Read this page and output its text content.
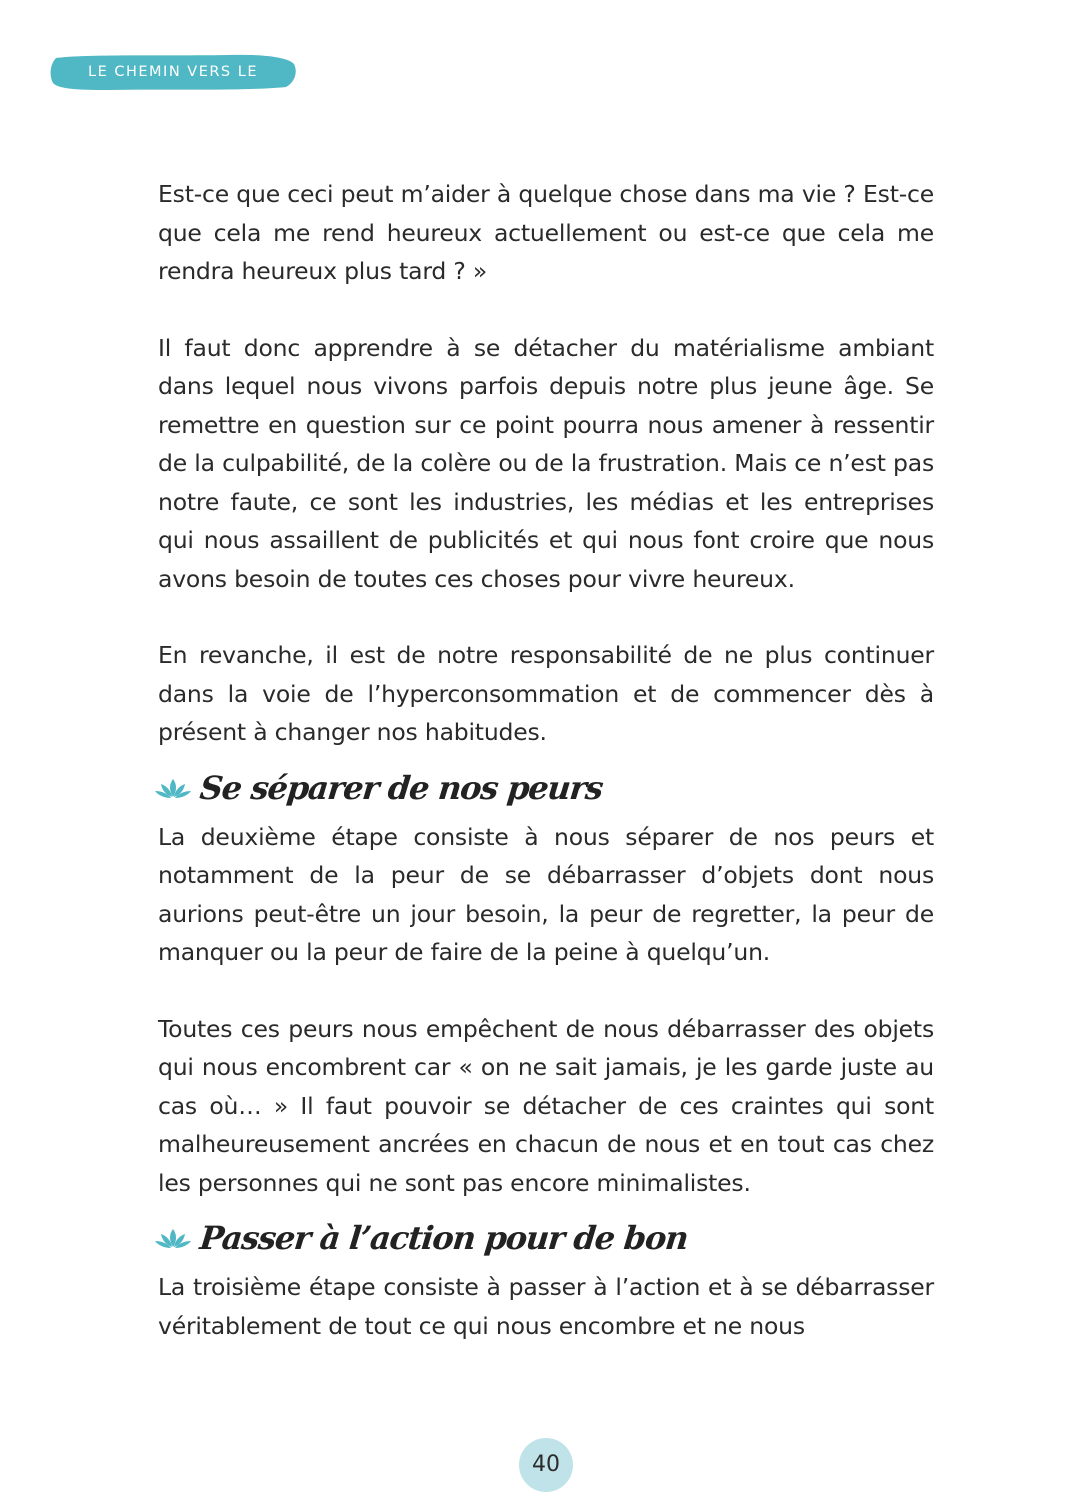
LE CHEMIN VERS LE MINIMALISME

Est-ce que ceci peut m’aider à quelque chose dans ma vie ? Est-ce que cela me rend heureux actuellement ou est-ce que cela me rendra heureux plus tard ? »

Il faut donc apprendre à se détacher du matérialisme ambiant dans lequel nous vivons parfois depuis notre plus jeune âge. Se remettre en question sur ce point pourra nous amener à ressentir de la culpabilité, de la colère ou de la frustration. Mais ce n’est pas notre faute, ce sont les industries, les médias et les entreprises qui nous assaillent de publicités et qui nous font croire que nous avons besoin de toutes ces choses pour vivre heureux.

En revanche, il est de notre responsabilité de ne plus continuer dans la voie de l’hyperconsommation et de commencer dès à présent à changer nos habitudes.

Se séparer de nos peurs

La deuxième étape consiste à nous séparer de nos peurs et notamment de la peur de se débarrasser d’objets dont nous aurions peut-être un jour besoin, la peur de regretter, la peur de manquer ou la peur de faire de la peine à quelqu’un.

Toutes ces peurs nous empêchent de nous débarrasser des objets qui nous encombrent car « on ne sait jamais, je les garde juste au cas où… » Il faut pouvoir se détacher de ces craintes qui sont malheureusement ancrées en chacun de nous et en tout cas chez les personnes qui ne sont pas encore minimalistes.

Passer à l’action pour de bon

La troisième étape consiste à passer à l’action et à se débarrasser véritablement de tout ce qui nous encombre et ne nous

40
